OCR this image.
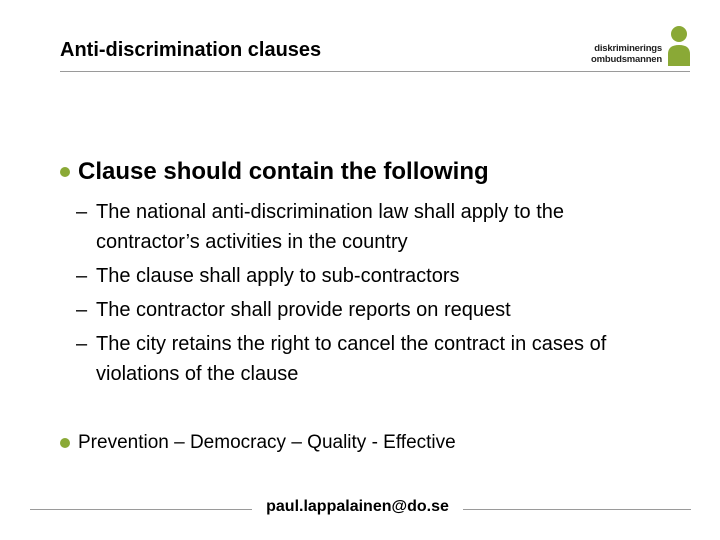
Anti-discrimination clauses	diskriminerings
ombudsmannen
Clause should contain the following
– The national anti-discrimination law shall apply to the contractor’s activities in the country
– The clause shall apply to sub-contractors
– The contractor shall provide reports on request
– The city retains the right to cancel the contract in cases of violations of the clause
Prevention – Democracy – Quality - Effective
paul.lappalainen@do.se
